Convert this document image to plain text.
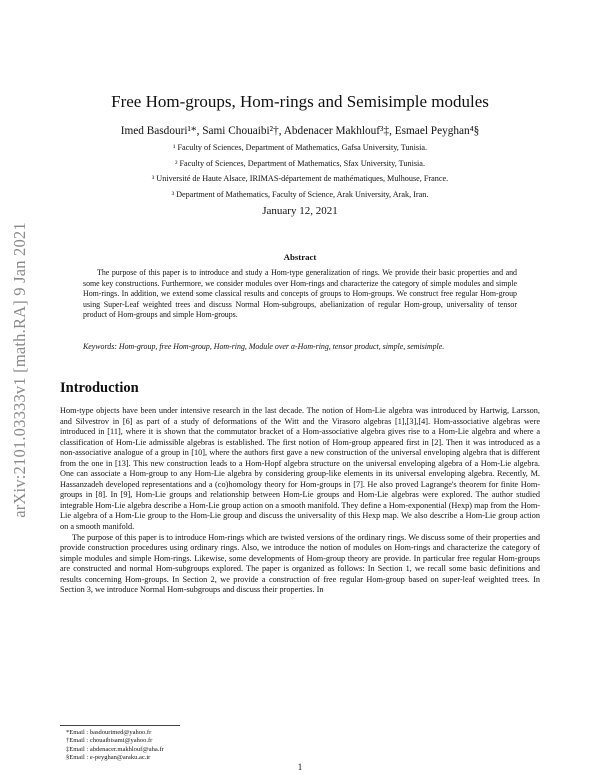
arXiv:2101.03333v1 [math.RA] 9 Jan 2021
Free Hom-groups, Hom-rings and Semisimple modules
Imed Basdouri¹*, Sami Chouaibi²†, Abdenacer Makhlouf³‡, Esmael Peyghan⁴§
¹ Faculty of Sciences, Department of Mathematics, Gafsa University, Tunisia.
² Faculty of Sciences, Department of Mathematics, Sfax University, Tunisia.
³ Université de Haute Alsace, IRIMAS-département de mathématiques, Mulhouse, France.
³ Department of Mathematics, Faculty of Science, Arak University, Arak, Iran.
January 12, 2021
Abstract
The purpose of this paper is to introduce and study a Hom-type generalization of rings. We provide their basic properties and and some key constructions. Furthermore, we consider modules over Hom-rings and characterize the category of simple modules and simple Hom-rings. In addition, we extend some classical results and concepts of groups to Hom-groups. We construct free regular Hom-group using Super-Leaf weighted trees and discuss Normal Hom-subgroups, abelianization of regular Hom-group, universality of tensor product of Hom-groups and simple Hom-groups.
Keywords: Hom-group, free Hom-group, Hom-ring, Module over α-Hom-ring, tensor product, simple, semisimple.
Introduction

Hom-type objects have been under intensive research in the last decade. The notion of Hom-Lie algebra was introduced by Hartwig, Larsson, and Silvestrov in [6] as part of a study of deformations of the Witt and the Virasoro algebras [1],[3],[4]. Hom-associative algebras were introduced in [11], where it is shown that the commutator bracket of a Hom-associative algebra gives rise to a Hom-Lie algebra and where a classification of Hom-Lie admissible algebras is established. The first notion of Hom-group appeared first in [2]. Then it was introduced as a non-associative analogue of a group in [10], where the authors first gave a new construction of the universal enveloping algebra that is different from the one in [13]. This new construction leads to a Hom-Hopf algebra structure on the universal enveloping algebra of a Hom-Lie algebra. One can associate a Hom-group to any Hom-Lie algebra by considering group-like elements in its universal enveloping algebra. Recently, M. Hassanzadeh developed representations and a (co)homology theory for Hom-groups in [7]. He also proved Lagrange's theorem for finite Hom-groups in [8]. In [9], Hom-Lie groups and relationship between Hom-Lie groups and Hom-Lie algebras were explored. The author studied integrable Hom-Lie algebra describe a Hom-Lie group action on a smooth manifold. They define a Hom-exponential (Hexp) map from the Hom-Lie algebra of a Hom-Lie group to the Hom-Lie group and discuss the universality of this Hexp map. We also describe a Hom-Lie group action on a smooth manifold.

The purpose of this paper is to introduce Hom-rings which are twisted versions of the ordinary rings. We discuss some of their properties and provide construction procedures using ordinary rings. Also, we introduce the notion of modules on Hom-rings and characterize the category of simple modules and simple Hom-rings. Likewise, some developments of Hom-group theory are provide. In particular free regular Hom-groups are constructed and normal Hom-subgroups explored. The paper is organized as follows: In Section 1, we recall some basic definitions and results concerning Hom-groups. In Section 2, we provide a construction of free regular Hom-group based on super-leaf weighted trees. In Section 3, we introduce Normal Hom-subgroups and discuss their properties. In

*Email : basdourimed@yahoo.fr
†Email : chouaibisami@yahoo.fr
‡Email : abdenacer.makhlouf@uha.fr
§Email : e-peyghan@araku.ac.ir
1
